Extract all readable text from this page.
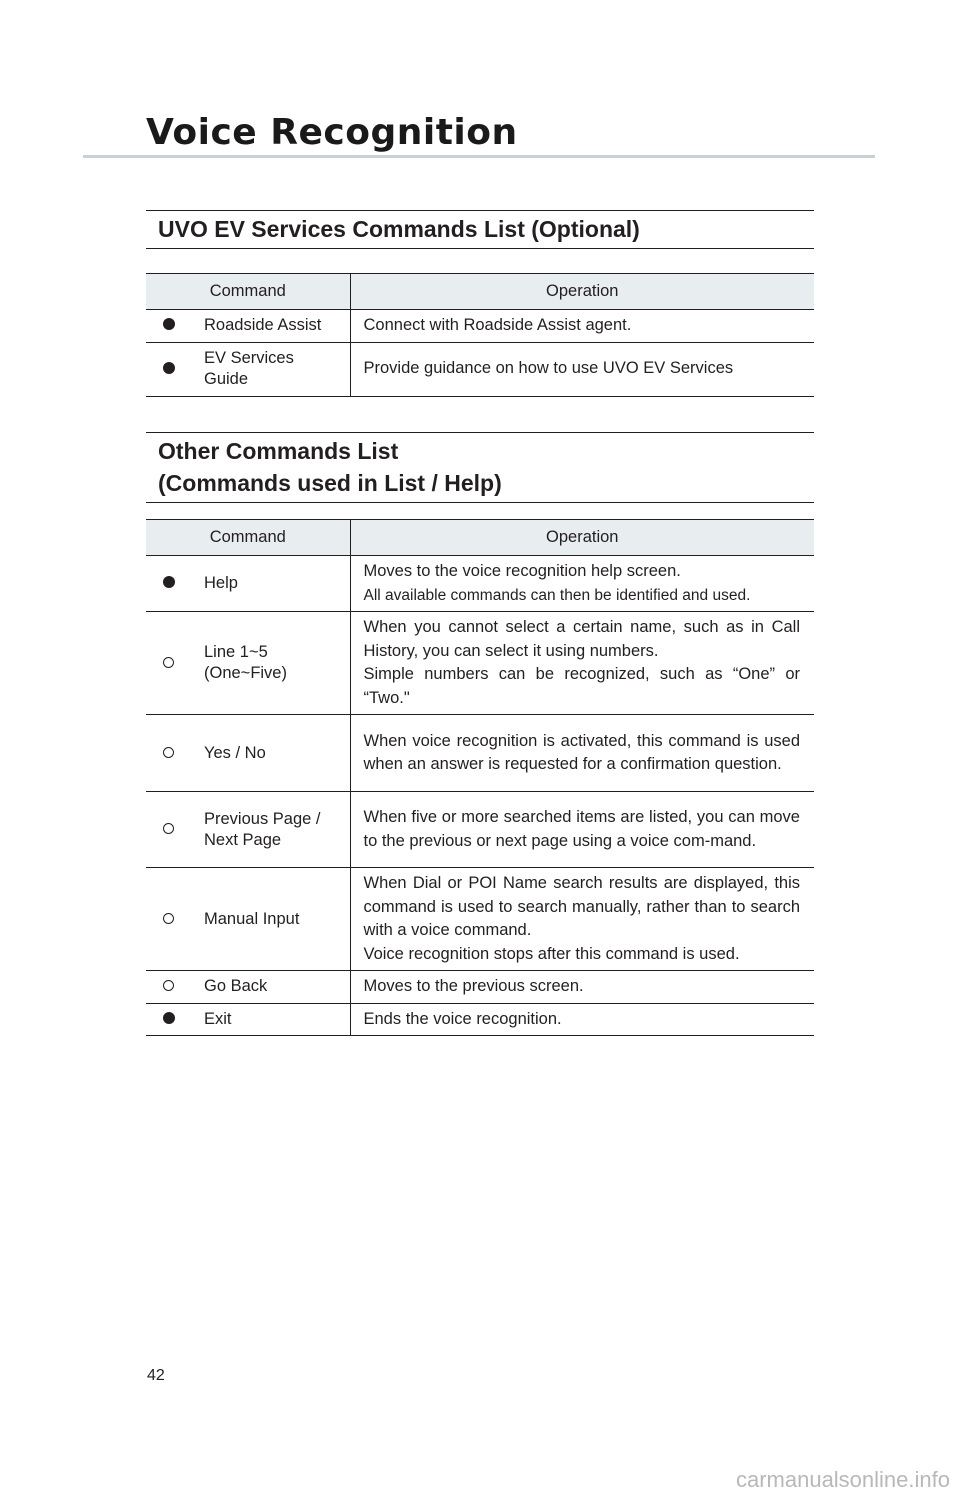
Voice Recognition
UVO EV Services Commands List (Optional)
Command		Operation
	Roadside Assist	Connect with Roadside Assist agent.

	EV Services Guide	Provide guidance on how to use UVO EV Services
Other Commands List
(Commands used in List / Help)
Command		Operation
	Help	Moves to the voice recognition help screen.
All available commands can then be identified and used.

	Line 1~5 (One~Five)	When you cannot select a certain name, such as in Call History, you can select it using numbers.
Simple numbers can be recognized, such as “One” or “Two."

	Yes / No	When voice recognition is activated, this command is used when an answer is requested for a confirmation question.

	Previous Page / Next Page	When five or more searched items are listed, you can move to the previous or next page using a voice com-mand.

	Manual Input	When Dial or POI Name search results are displayed, this command is used to search manually, rather than to search with a voice command.
Voice recognition stops after this command is used.

	Go Back	Moves to the previous screen.

	Exit	Ends the voice recognition.
42
carmanualsonline.info
